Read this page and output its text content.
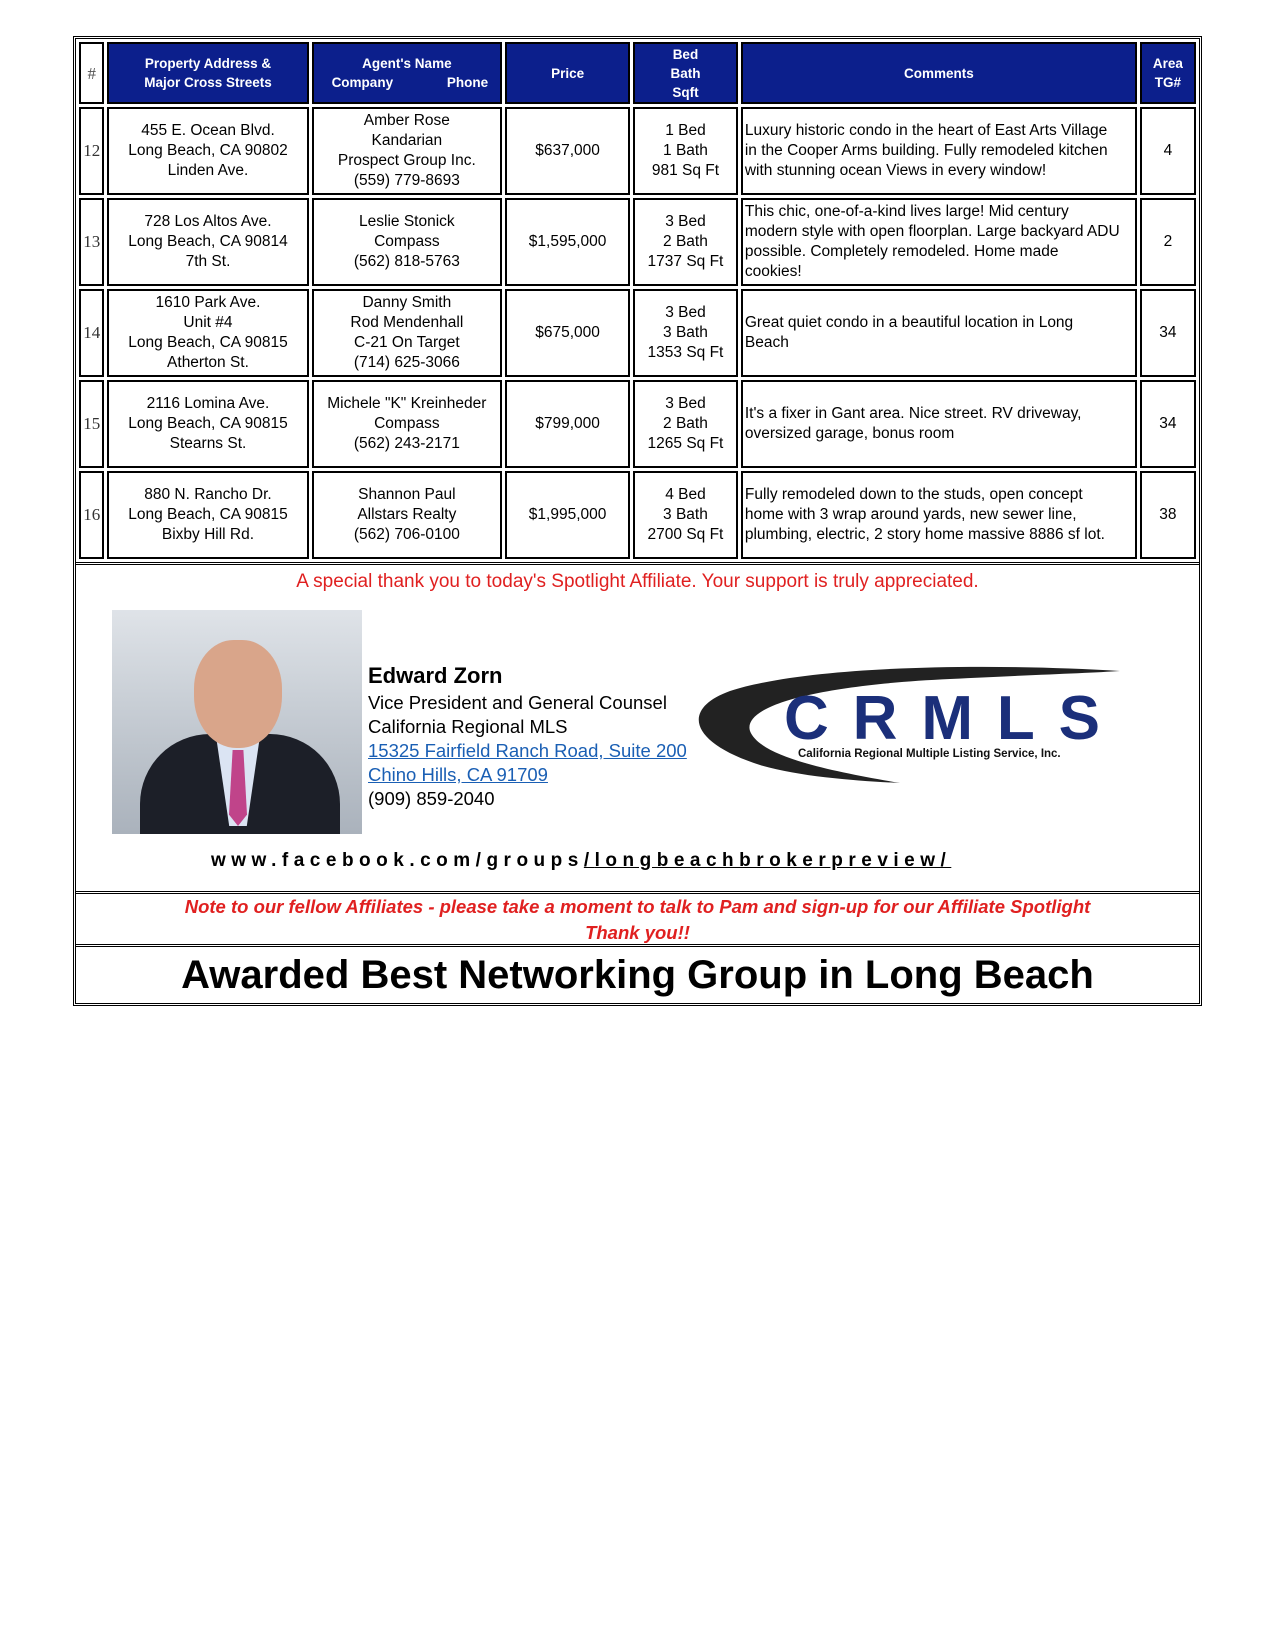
#	Property Address &
Major Cross Streets	Agent's Name
Company Phone	Price	Bed
Bath
Sqft	Comments	Area
TG#

12	455 E. Ocean Blvd.
Long Beach, CA 90802
Linden Ave.	Amber Rose
Kandarian
Prospect Group Inc.
(559) 779-8693	$637,000	1 Bed
1 Bath
981 Sq Ft	Luxury historic condo in the heart of East Arts Village
in the Cooper Arms building. Fully remodeled kitchen
with stunning ocean Views in every window!	4
13	728 Los Altos Ave.
Long Beach, CA 90814
7th St.	Leslie Stonick
Compass
(562) 818-5763	$1,595,000	3 Bed
2 Bath
1737 Sq Ft	This chic, one-of-a-kind lives large! Mid century
modern style with open floorplan. Large backyard ADU
possible. Completely remodeled. Home made
cookies!	2
14	1610 Park Ave.
Unit #4
Long Beach, CA 90815
Atherton St.	Danny Smith
Rod Mendenhall
C-21 On Target
(714) 625-3066	$675,000	3 Bed
3 Bath
1353 Sq Ft	Great quiet condo in a beautiful location in Long
Beach	34
15	2116 Lomina Ave.
Long Beach, CA 90815
Stearns St.	Michele "K" Kreinheder
Compass
(562) 243-2171	$799,000	3 Bed
2 Bath
1265 Sq Ft	It's a fixer in Gant area. Nice street. RV driveway,
oversized garage, bonus room	34
16	880 N. Rancho Dr.
Long Beach, CA 90815
Bixby Hill Rd.	Shannon Paul
Allstars Realty
(562) 706-0100	$1,995,000	4 Bed
3 Bath
2700 Sq Ft	Fully remodeled down to the studs, open concept
home with 3 wrap around yards, new sewer line,
plumbing, electric, 2 story home massive 8886 sf lot.	38
A special thank you to today's Spotlight Affiliate. Your support is truly appreciated.
Edward Zorn
Vice President and General Counsel
California Regional MLS
15325 Fairfield Ranch Road, Suite 200
Chino Hills, CA 91709
(909) 859-2040
CRMLS
California Regional Multiple Listing Service, Inc.
www.facebook.com/groups/longbeachbrokerpreview/
Note to our fellow Affiliates - please take a moment to talk to Pam and sign-up for our Affiliate Spotlight
Thank you!!
Awarded Best Networking Group in Long Beach
